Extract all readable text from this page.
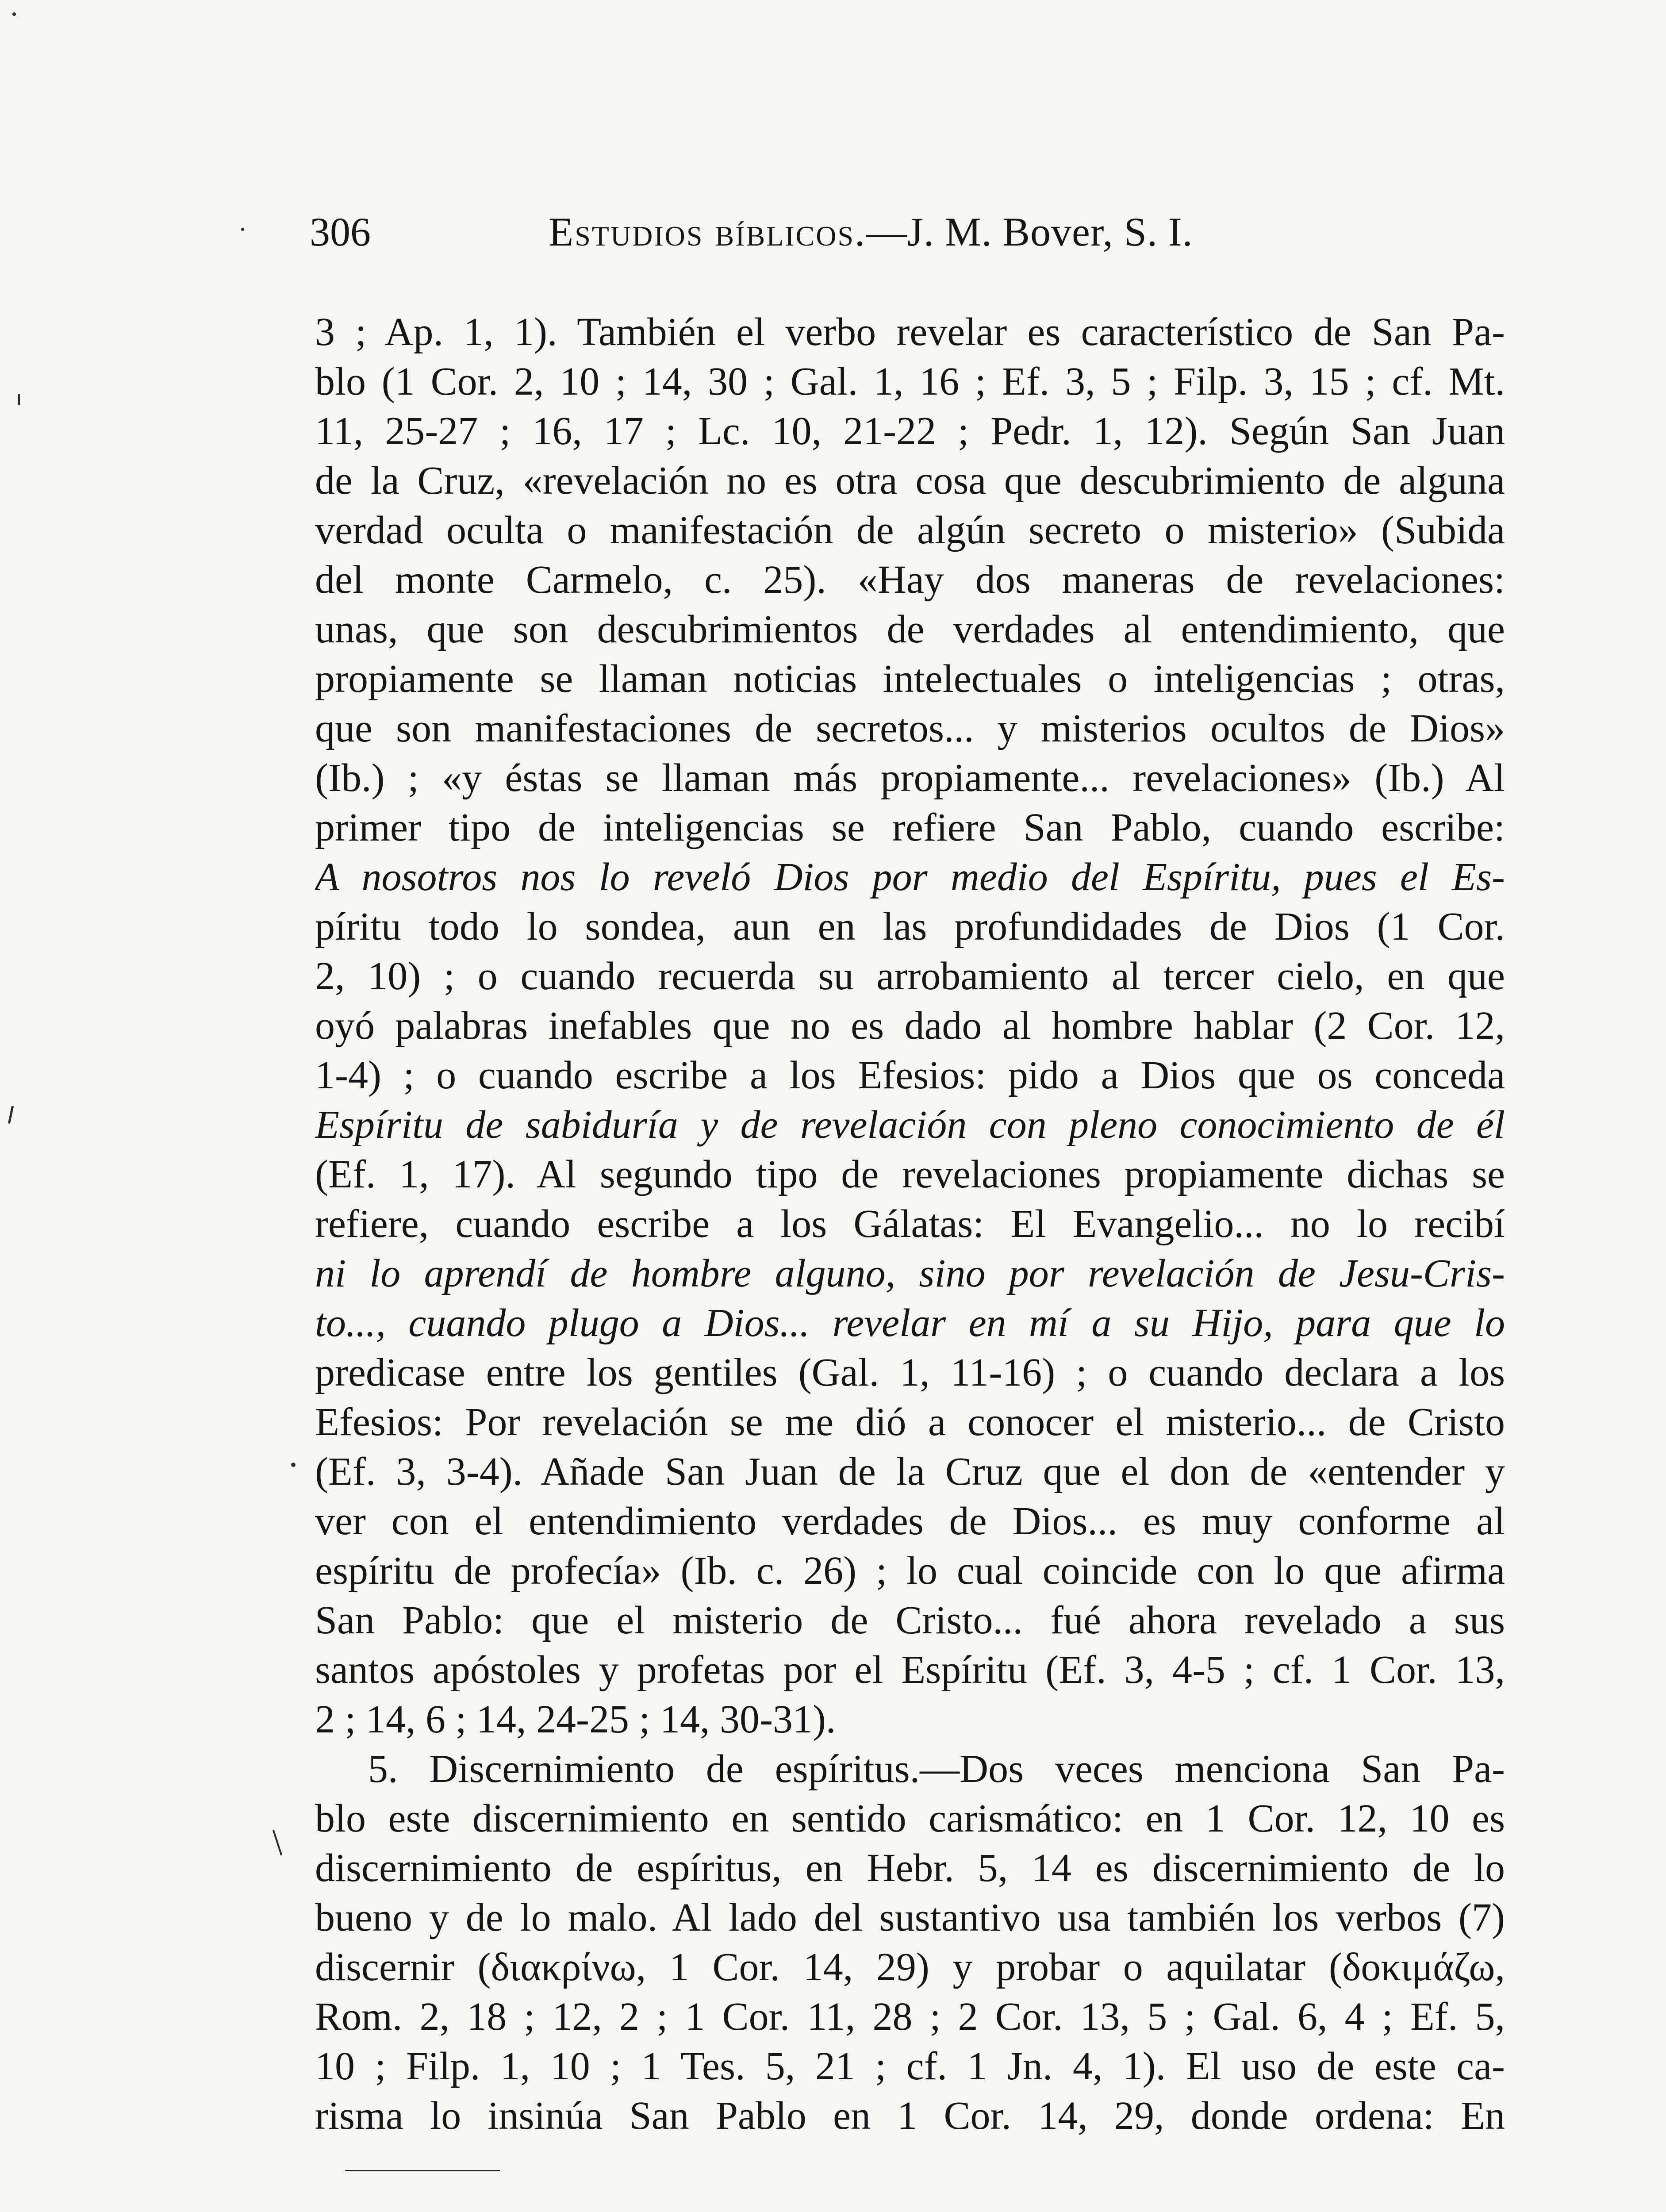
306	Estudios bíblicos.—J. M. Bover, S. I.
3 ; Ap. 1, 1). También el verbo revelar es característico de San Pa-
blo (1 Cor. 2, 10 ; 14, 30 ; Gal. 1, 16 ; Ef. 3, 5 ; Filp. 3, 15 ; cf. Mt.
11, 25-27 ; 16, 17 ; Lc. 10, 21-22 ; Pedr. 1, 12). Según San Juan
de la Cruz, «revelación no es otra cosa que descubrimiento de alguna
verdad oculta o manifestación de algún secreto o misterio» (Subida
del monte Carmelo, c. 25). «Hay dos maneras de revelaciones:
unas, que son descubrimientos de verdades al entendimiento, que
propiamente se llaman noticias intelectuales o inteligencias ; otras,
que son manifestaciones de secretos... y misterios ocultos de Dios»
(Ib.) ; «y éstas se llaman más propiamente... revelaciones» (Ib.) Al
primer tipo de inteligencias se refiere San Pablo, cuando escribe:
A nosotros nos lo reveló Dios por medio del Espíritu, pues el Es-
píritu todo lo sondea, aun en las profundidades de Dios (1 Cor.
2, 10) ; o cuando recuerda su arrobamiento al tercer cielo, en que
oyó palabras inefables que no es dado al hombre hablar (2 Cor. 12,
1-4) ; o cuando escribe a los Efesios: pido a Dios que os conceda
Espíritu de sabiduría y de revelación con pleno conocimiento de él
(Ef. 1, 17). Al segundo tipo de revelaciones propiamente dichas se
refiere, cuando escribe a los Gálatas: El Evangelio... no lo recibí
ni lo aprendí de hombre alguno, sino por revelación de Jesu-Cris-
to..., cuando plugo a Dios... revelar en mí a su Hijo, para que lo
predicase entre los gentiles (Gal. 1, 11-16) ; o cuando declara a los
Efesios: Por revelación se me dió a conocer el misterio... de Cristo
(Ef. 3, 3-4). Añade San Juan de la Cruz que el don de «entender y
ver con el entendimiento verdades de Dios... es muy conforme al
espíritu de profecía» (Ib. c. 26) ; lo cual coincide con lo que afirma
San Pablo: que el misterio de Cristo... fué ahora revelado a sus
santos apóstoles y profetas por el Espíritu (Ef. 3, 4-5 ; cf. 1 Cor. 13,
2 ; 14, 6 ; 14, 24-25 ; 14, 30-31).
5. Discernimiento de espíritus.—Dos veces menciona San Pa-
blo este discernimiento en sentido carismático: en 1 Cor. 12, 10 es
discernimiento de espíritus, en Hebr. 5, 14 es discernimiento de lo
bueno y de lo malo. Al lado del sustantivo usa también los verbos (7)
discernir (διακρίνω, 1 Cor. 14, 29) y probar o aquilatar (δοκιμάζω,
Rom. 2, 18 ; 12, 2 ; 1 Cor. 11, 28 ; 2 Cor. 13, 5 ; Gal. 6, 4 ; Ef. 5,
10 ; Filp. 1, 10 ; 1 Tes. 5, 21 ; cf. 1 Jn. 4, 1). El uso de este ca-
risma lo insinúa San Pablo en 1 Cor. 14, 29, donde ordena: En
